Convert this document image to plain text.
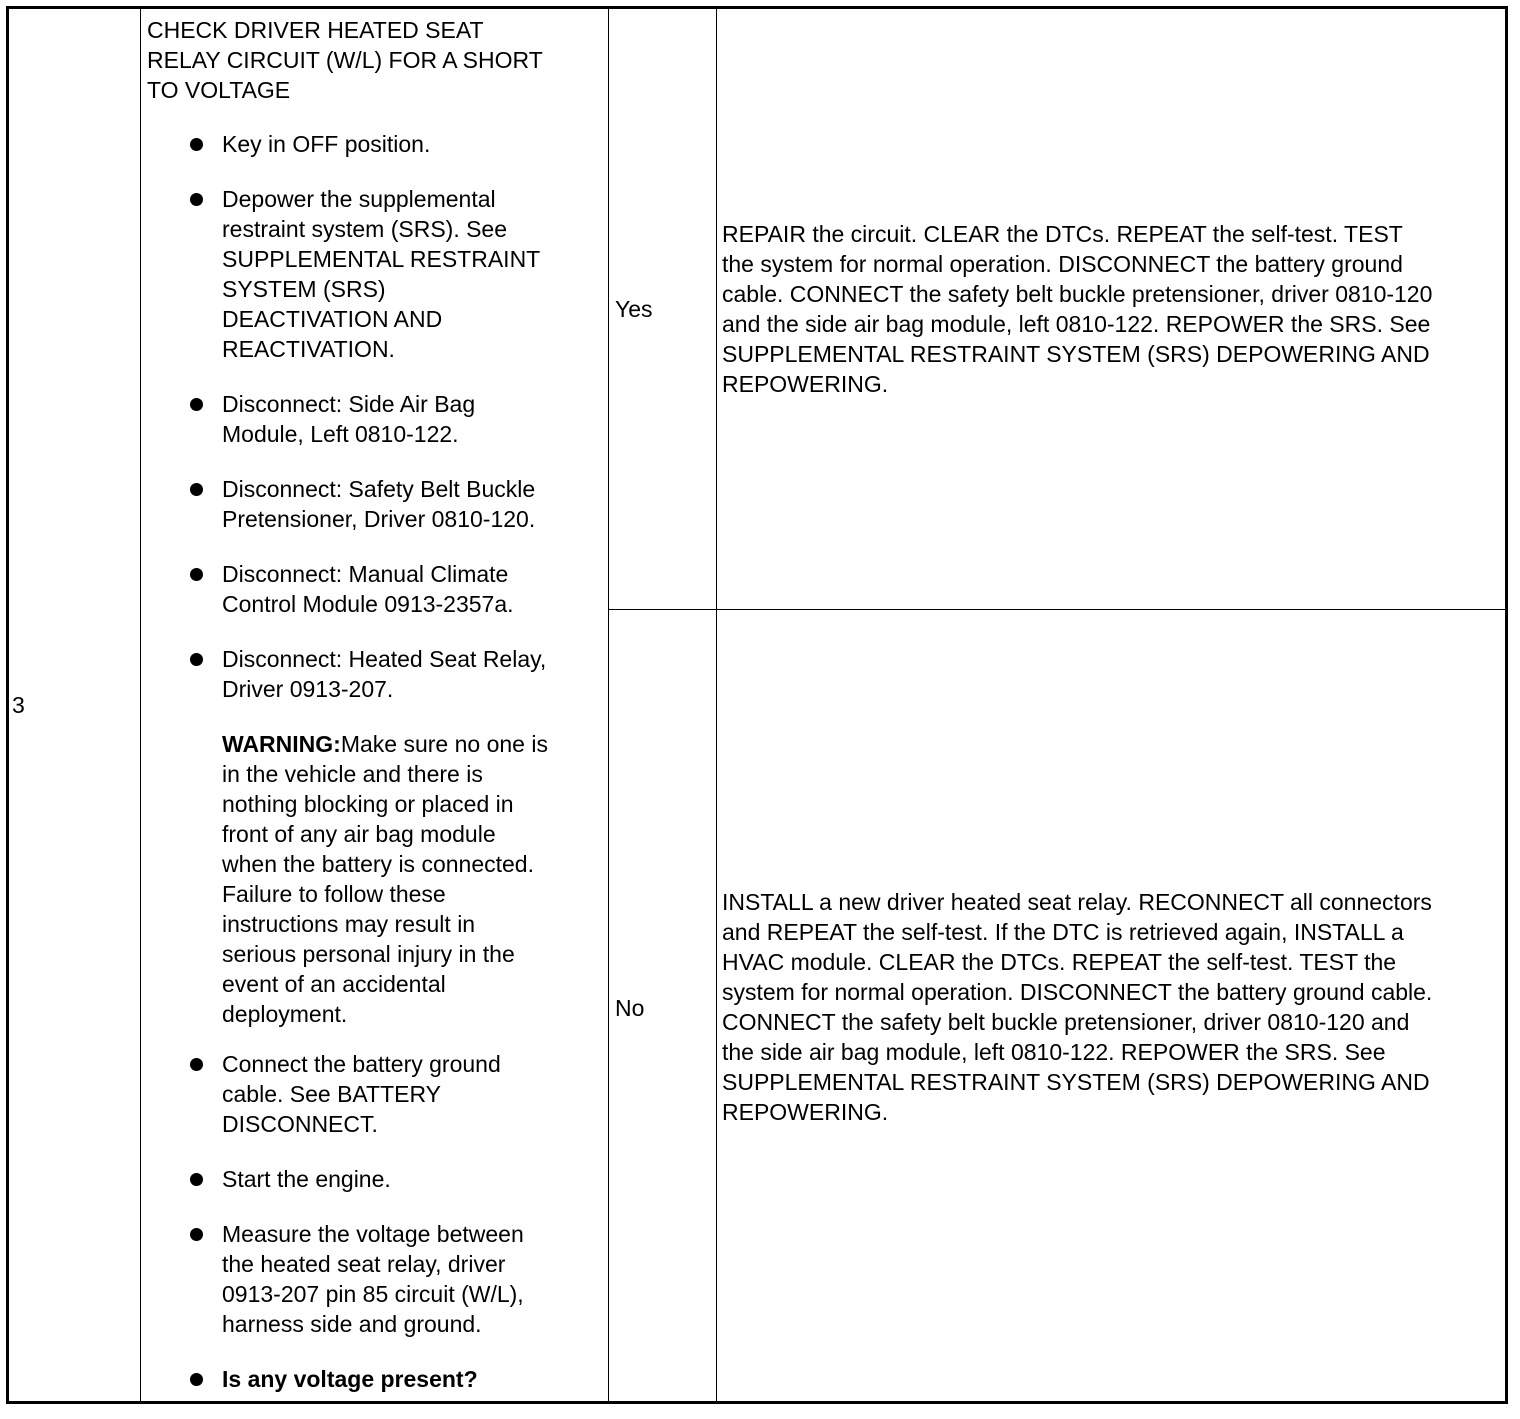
3
CHECK DRIVER HEATED SEAT
RELAY CIRCUIT (W/L) FOR A SHORT
TO VOLTAGE
Key in OFF position.
Depower the supplemental
restraint system (SRS). See
SUPPLEMENTAL RESTRAINT
SYSTEM (SRS)
DEACTIVATION AND
REACTIVATION.
Disconnect: Side Air Bag
Module, Left 0810-122.
Disconnect: Safety Belt Buckle
Pretensioner, Driver 0810-120.
Disconnect: Manual Climate
Control Module 0913-2357a.
Disconnect: Heated Seat Relay,
Driver 0913-207.
WARNING:Make sure no one is
in the vehicle and there is
nothing blocking or placed in
front of any air bag module
when the battery is connected.
Failure to follow these
instructions may result in
serious personal injury in the
event of an accidental
deployment.
Connect the battery ground
cable. See BATTERY
DISCONNECT.
Start the engine.
Measure the voltage between
the heated seat relay, driver
0913-207 pin 85 circuit (W/L),
harness side and ground.
Is any voltage present?
Yes
REPAIR the circuit. CLEAR the DTCs. REPEAT the self-test. TEST
the system for normal operation. DISCONNECT the battery ground
cable. CONNECT the safety belt buckle pretensioner, driver 0810-120
and the side air bag module, left 0810-122. REPOWER the SRS. See
SUPPLEMENTAL RESTRAINT SYSTEM (SRS) DEPOWERING AND
REPOWERING.
No
INSTALL a new driver heated seat relay. RECONNECT all connectors
and REPEAT the self-test. If the DTC is retrieved again, INSTALL a
HVAC module. CLEAR the DTCs. REPEAT the self-test. TEST the
system for normal operation. DISCONNECT the battery ground cable.
CONNECT the safety belt buckle pretensioner, driver 0810-120 and
the side air bag module, left 0810-122. REPOWER the SRS. See
SUPPLEMENTAL RESTRAINT SYSTEM (SRS) DEPOWERING AND
REPOWERING.
